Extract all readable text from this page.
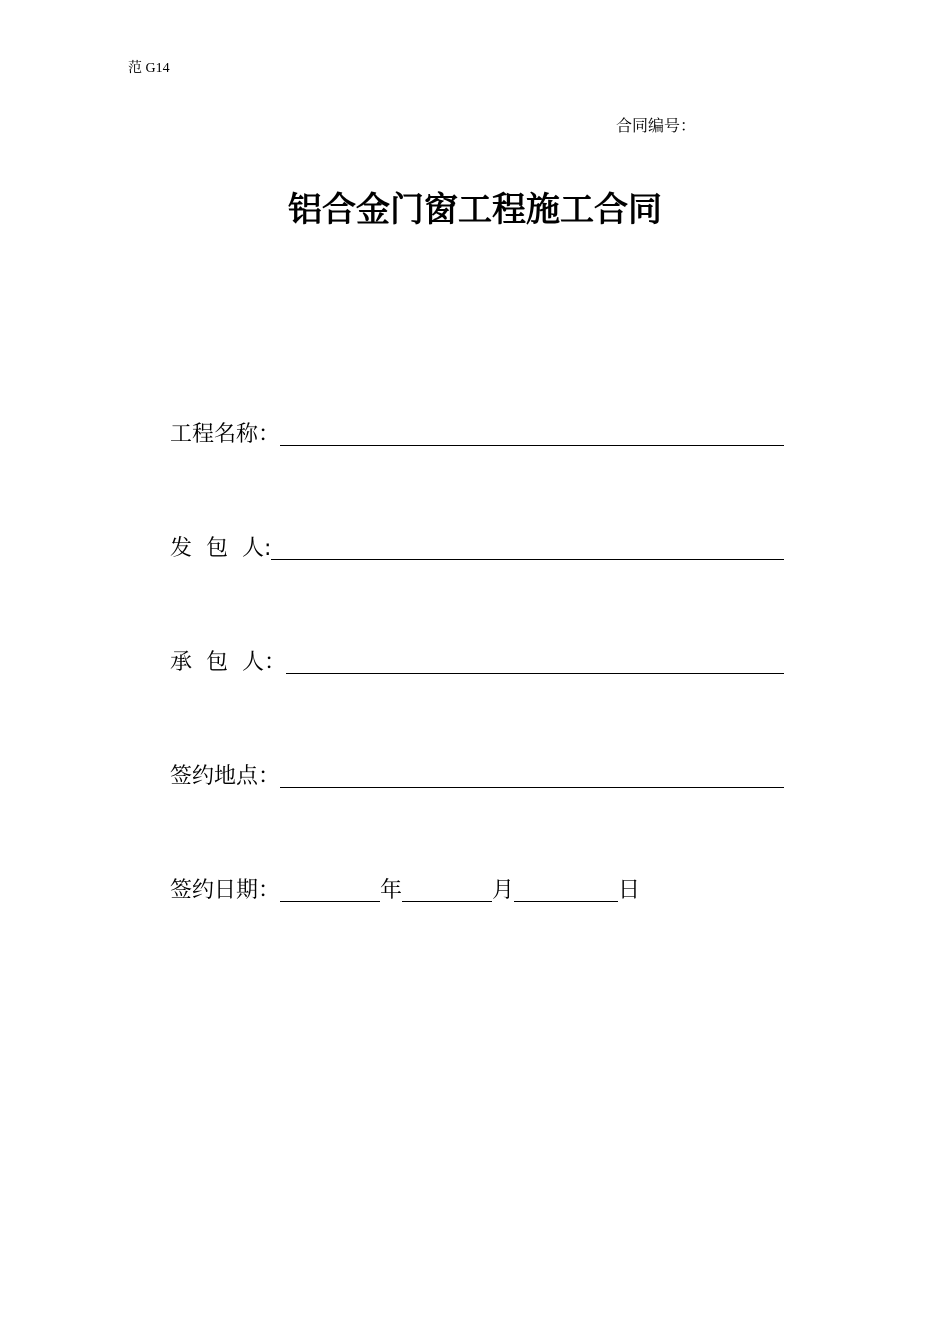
范 G14
合同编号：
铝合金门窗工程施工合同
工程名称：
发  包  人:
承  包  人：
签约地点：
签约日期：	年	月	日
